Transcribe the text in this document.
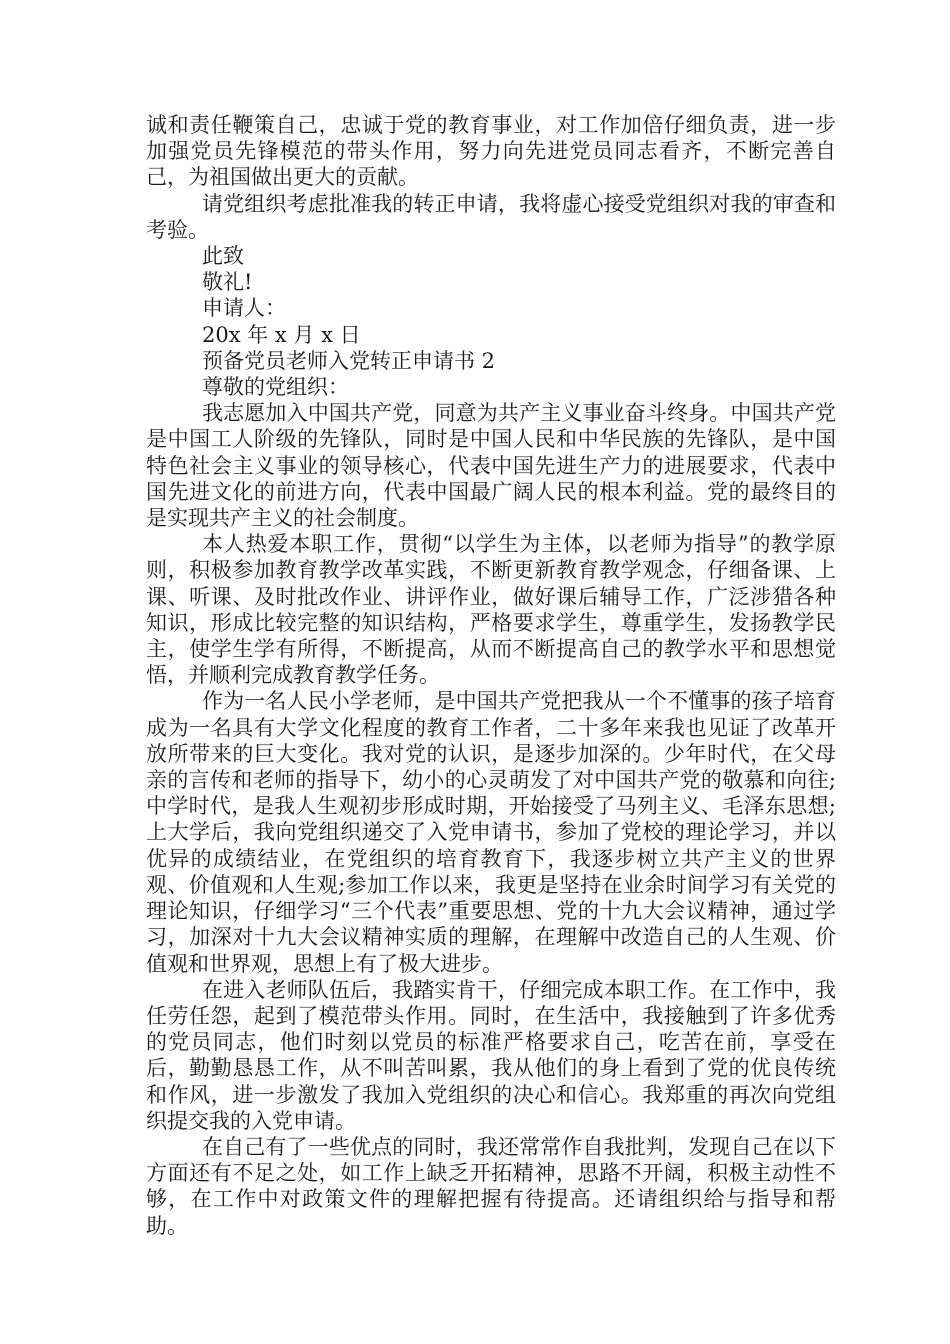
诚和责任鞭策自己，忠诚于党的教育事业，对工作加倍仔细负责，进一步加强党员先锋模范的带头作用，努力向先进党员同志看齐，不断完善自己，为祖国做出更大的贡献。

请党组织考虑批准我的转正申请，我将虚心接受党组织对我的审查和考验。

此致

敬礼!

申请人：

20x 年 x 月 x 日

预备党员老师入党转正申请书 2

尊敬的党组织：

我志愿加入中国共产党，同意为共产主义事业奋斗终身。中国共产党是中国工人阶级的先锋队，同时是中国人民和中华民族的先锋队，是中国特色社会主义事业的领导核心，代表中国先进生产力的进展要求，代表中国先进文化的前进方向，代表中国最广阔人民的根本利益。党的最终目的是实现共产主义的社会制度。

本人热爱本职工作，贯彻“以学生为主体，以老师为指导”的教学原则，积极参加教育教学改革实践，不断更新教育教学观念，仔细备课、上课、听课、及时批改作业、讲评作业，做好课后辅导工作，广泛涉猎各种知识，形成比较完整的知识结构，严格要求学生，尊重学生，发扬教学民主，使学生学有所得，不断提高，从而不断提高自己的教学水平和思想觉悟，并顺利完成教育教学任务。

作为一名人民小学老师，是中国共产党把我从一个不懂事的孩子培育成为一名具有大学文化程度的教育工作者，二十多年来我也见证了改革开放所带来的巨大变化。我对党的认识，是逐步加深的。少年时代，在父母亲的言传和老师的指导下，幼小的心灵萌发了对中国共产党的敬慕和向往;中学时代，是我人生观初步形成时期，开始接受了马列主义、毛泽东思想;上大学后，我向党组织递交了入党申请书，参加了党校的理论学习，并以优异的成绩结业，在党组织的培育教育下，我逐步树立共产主义的世界观、价值观和人生观;参加工作以来，我更是坚持在业余时间学习有关党的理论知识，仔细学习“三个代表”重要思想、党的十九大会议精神，通过学习，加深对十九大会议精神实质的理解，在理解中改造自己的人生观、价值观和世界观，思想上有了极大进步。

在进入老师队伍后，我踏实肯干，仔细完成本职工作。在工作中，我任劳任怨，起到了模范带头作用。同时，在生活中，我接触到了许多优秀的党员同志，他们时刻以党员的标准严格要求自己，吃苦在前，享受在后，勤勤恳恳工作，从不叫苦叫累，我从他们的身上看到了党的优良传统和作风，进一步激发了我加入党组织的决心和信心。我郑重的再次向党组织提交我的入党申请。

在自己有了一些优点的同时，我还常常作自我批判，发现自己在以下方面还有不足之处，如工作上缺乏开拓精神，思路不开阔，积极主动性不够，在工作中对政策文件的理解把握有待提高。还请组织给与指导和帮助。
